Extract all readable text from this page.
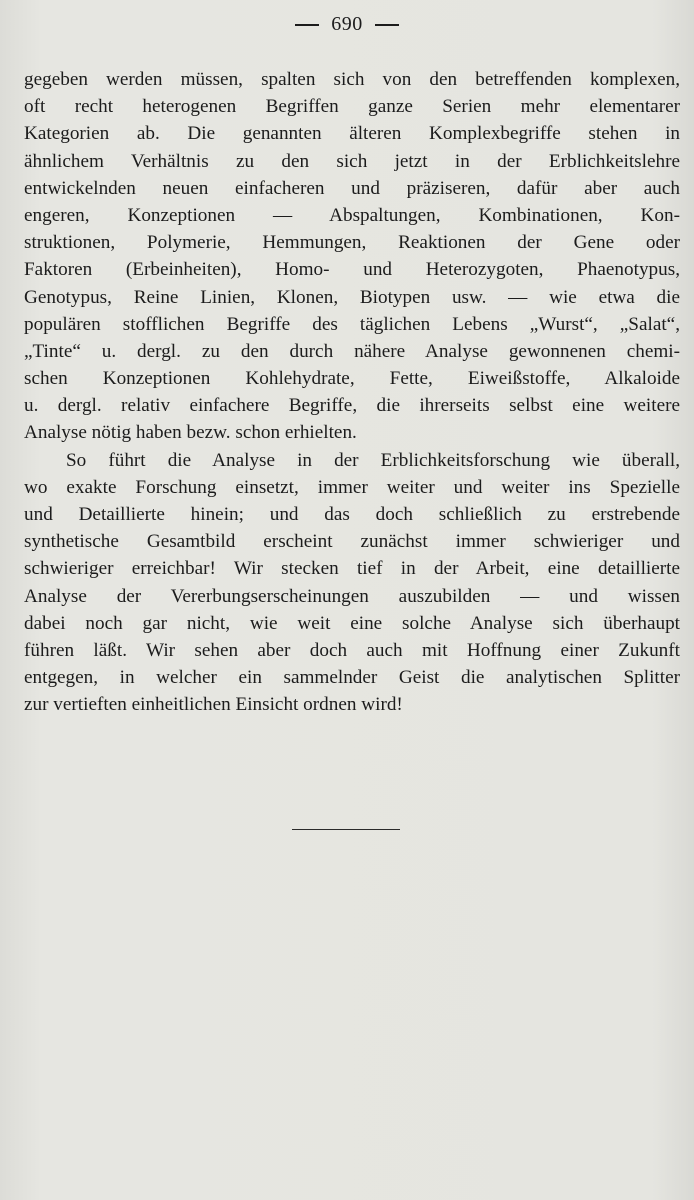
690
gegeben werden müssen, spalten sich von den betreffenden komplexen,
oft recht heterogenen Begriffen ganze Serien mehr elementarer
Kategorien ab. Die genannten älteren Komplexbegriffe stehen in
ähnlichem Verhältnis zu den sich jetzt in der Erblichkeitslehre
entwickelnden neuen einfacheren und präziseren, dafür aber auch
engeren, Konzeptionen — Abspaltungen, Kombinationen, Kon-
struktionen, Polymerie, Hemmungen, Reaktionen der Gene oder
Faktoren (Erbeinheiten), Homo- und Heterozygoten, Phaenotypus,
Genotypus, Reine Linien, Klonen, Biotypen usw. — wie etwa die
populären stofflichen Begriffe des täglichen Lebens „Wurst“, „Salat“,
„Tinte“ u. dergl. zu den durch nähere Analyse gewonnenen chemi-
schen Konzeptionen Kohlehydrate, Fette, Eiweißstoffe, Alkaloide
u. dergl. relativ einfachere Begriffe, die ihrerseits selbst eine weitere
Analyse nötig haben bezw. schon erhielten.
So führt die Analyse in der Erblichkeitsforschung wie überall,
wo exakte Forschung einsetzt, immer weiter und weiter ins Spezielle
und Detaillierte hinein; und das doch schließlich zu erstrebende
synthetische Gesamtbild erscheint zunächst immer schwieriger und
schwieriger erreichbar! Wir stecken tief in der Arbeit, eine detaillierte
Analyse der Vererbungserscheinungen auszubilden — und wissen
dabei noch gar nicht, wie weit eine solche Analyse sich überhaupt
führen läßt. Wir sehen aber doch auch mit Hoffnung einer Zukunft
entgegen, in welcher ein sammelnder Geist die analytischen Splitter
zur vertieften einheitlichen Einsicht ordnen wird!
